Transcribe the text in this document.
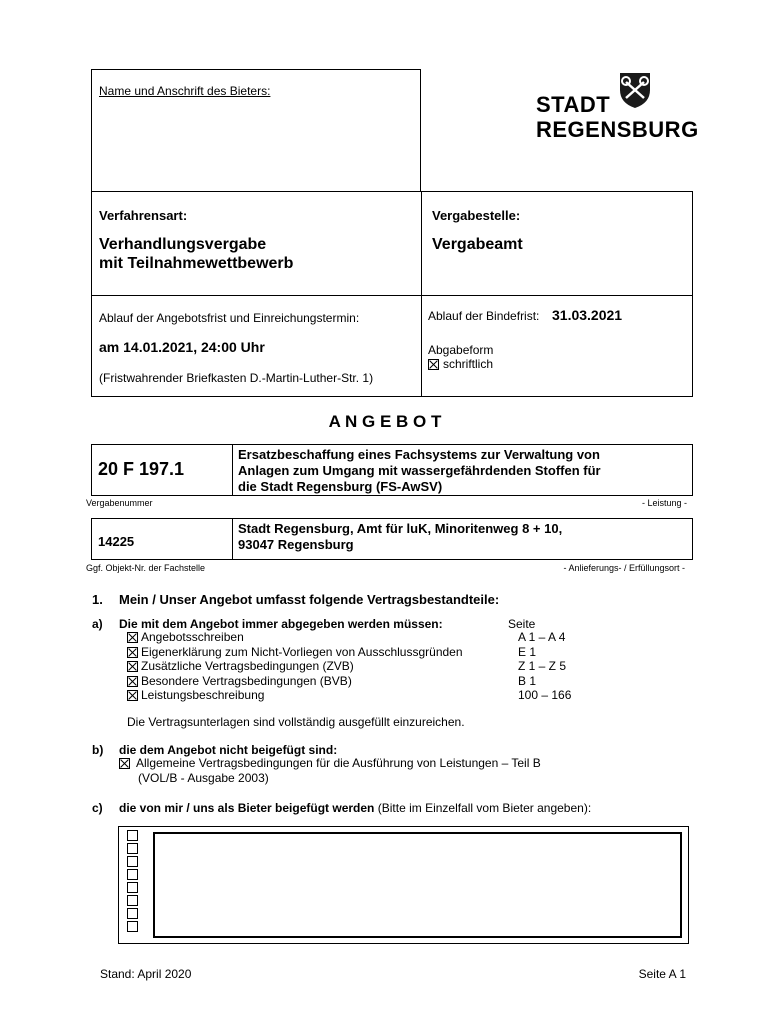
Name und Anschrift des Bieters:
STADT
REGENSBURG
Verfahrensart:
Verhandlungsvergabe
mit Teilnahmewettbewerb
Vergabestelle:
Vergabeamt
Ablauf der Angebotsfrist und Einreichungstermin:
am 14.01.2021, 24:00 Uhr
(Fristwahrender Briefkasten D.-Martin-Luther-Str. 1)
Ablauf der Bindefrist: 31.03.2021
Abgabeform
schriftlich
A N G E B O T
20 F 197.1
Ersatzbeschaffung eines Fachsystems zur Verwaltung von
Anlagen zum Umgang mit wassergefährdenden Stoffen für
die Stadt Regensburg (FS-AwSV)
Vergabenummer	- Leistung -
14225
Stadt Regensburg, Amt für luK, Minoritenweg 8 + 10,
93047 Regensburg
Ggf. Objekt-Nr. der Fachstelle	- Anlieferungs- / Erfüllungsort -
1. Mein / Unser Angebot umfasst folgende Vertragsbestandteile:
a) Die mit dem Angebot immer abgegeben werden müssen:	Seite
Angebotsschreiben	A 1 – A 4
Eigenerklärung zum Nicht-Vorliegen von Ausschlussgründen	E 1
Zusätzliche Vertragsbedingungen (ZVB)	Z 1 – Z 5
Besondere Vertragsbedingungen (BVB)	B 1
Leistungsbeschreibung	100 – 166
Die Vertragsunterlagen sind vollständig ausgefüllt einzureichen.
b) die dem Angebot nicht beigefügt sind:
Allgemeine Vertragsbedingungen für die Ausführung von Leistungen – Teil B
(VOL/B - Ausgabe 2003)
c) die von mir / uns als Bieter beigefügt werden (Bitte im Einzelfall vom Bieter angeben):
Stand: April 2020	Seite A 1
